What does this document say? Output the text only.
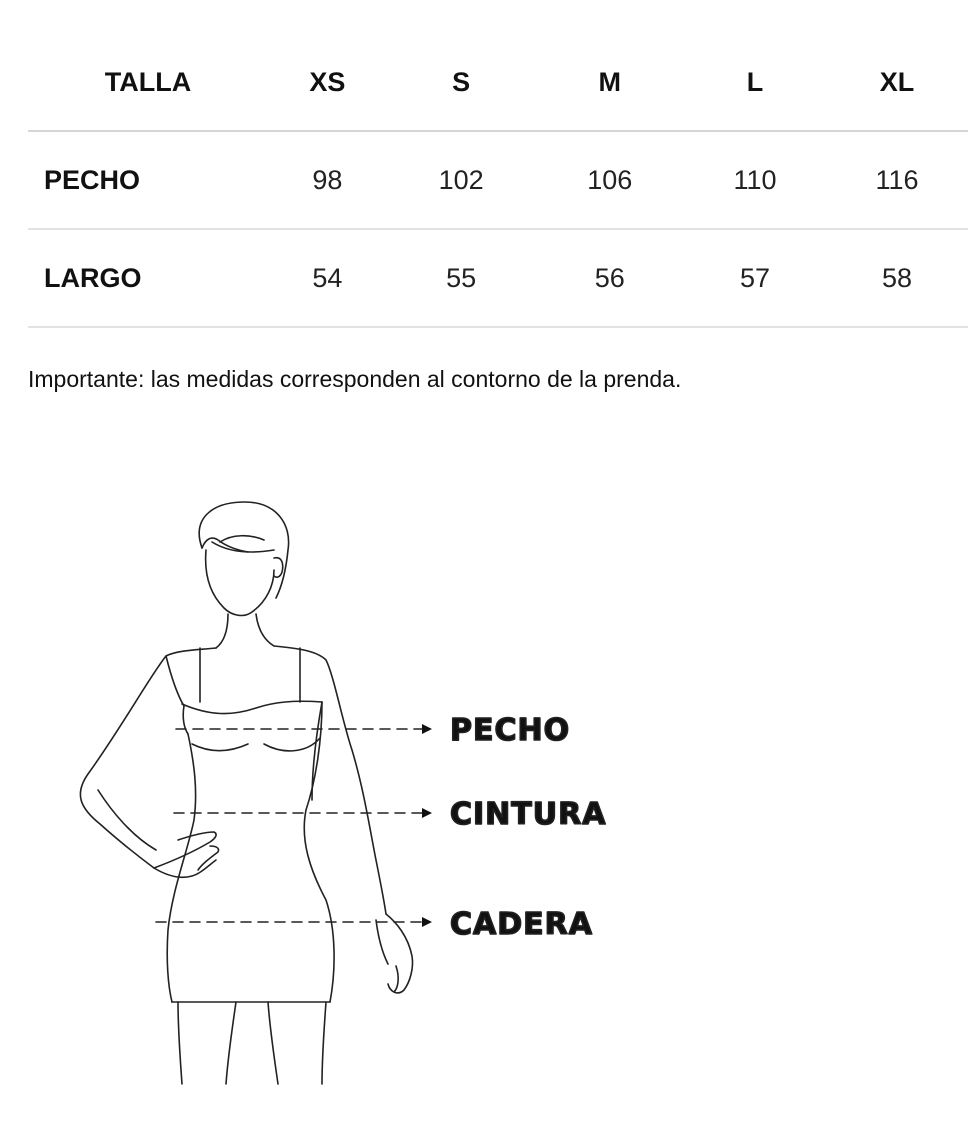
TALLA	XS	S	M	L	XL
PECHO	98	102	106	110	116
LARGO	54	55	56	57	58

Importante: las medidas corresponden al contorno de la prenda.

PECHO
CINTURA
CADERA
